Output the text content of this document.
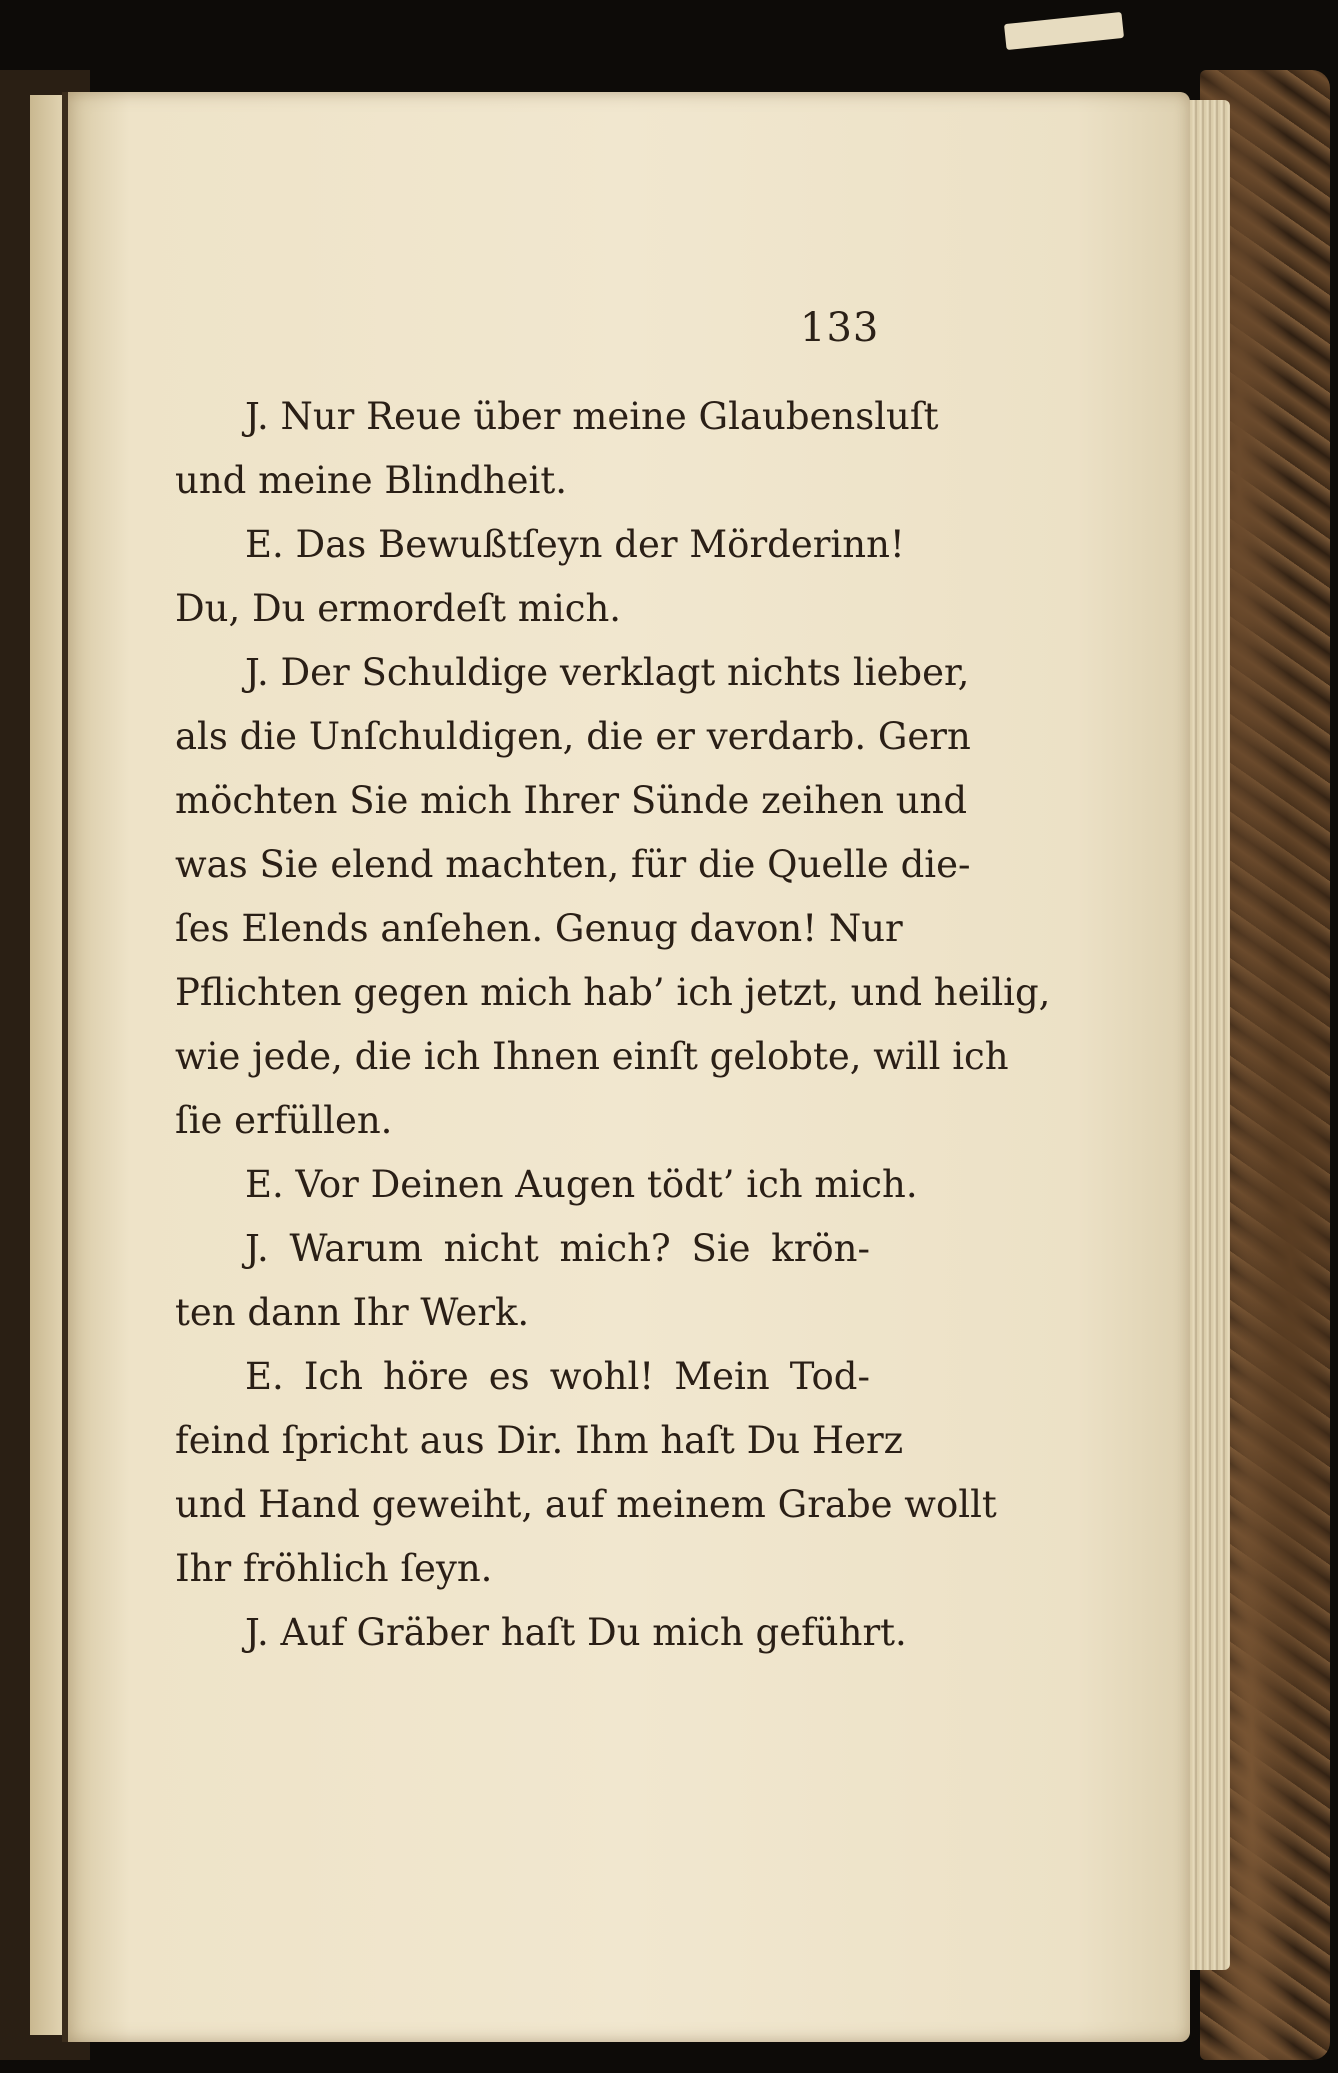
133
J. Nur Reue über meine Glaubensluſt
und meine Blindheit.
E. Das Bewußtſeyn der Mörderinn!
Du, Du ermordeſt mich.
J. Der Schuldige verklagt nichts lieber,
als die Unſchuldigen, die er verdarb. Gern
möchten Sie mich Ihrer Sünde zeihen und
was Sie elend machten, für die Quelle die-
ſes Elends anſehen. Genug davon! Nur
Pflichten gegen mich hab’ ich jetzt, und heilig,
wie jede, die ich Ihnen einſt gelobte, will ich
ſie erfüllen.
E. Vor Deinen Augen tödt’ ich mich.
J. Warum nicht mich? Sie krön-
ten dann Ihr Werk.
E. Ich höre es wohl! Mein Tod-
feind ſpricht aus Dir. Ihm haſt Du Herz
und Hand geweiht, auf meinem Grabe wollt
Ihr fröhlich ſeyn.
J. Auf Gräber haſt Du mich geführt.
